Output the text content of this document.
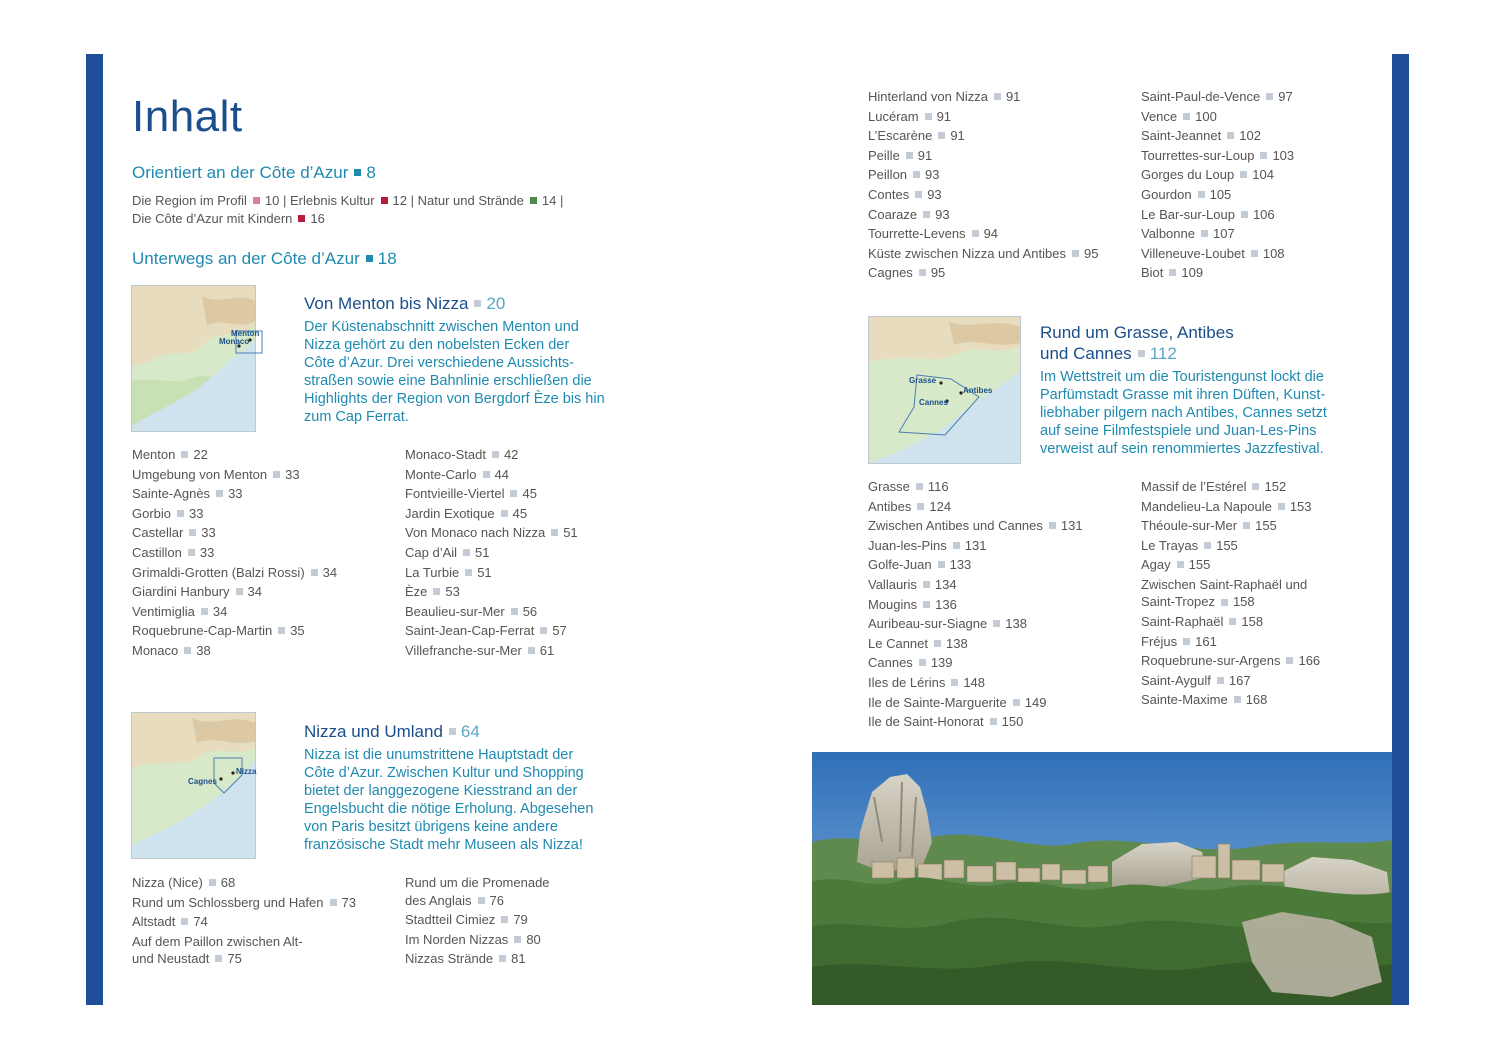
Inhalt
Orientiert an der Côte d’Azur 8
Die Region im Profil 10 | Erlebnis Kultur 12 | Natur und Strände 14 |
Die Côte d’Azur mit Kindern 16
Unterwegs an der Côte d’Azur 18
Menton
Monaco
Von Menton bis Nizza 20
Der Küstenabschnitt zwischen Menton und
Nizza gehört zu den nobelsten Ecken der
Côte d’Azur. Drei verschiedene Aussichts-
straßen sowie eine Bahnlinie erschließen die
Highlights der Region von Bergdorf Èze bis hin
zum Cap Ferrat.
Menton 22
Umgebung von Menton 33
Sainte-Agnès 33
Gorbio 33
Castellar 33
Castillon 33
Grimaldi-Grotten (Balzi Rossi) 34
Giardini Hanbury 34
Ventimiglia 34
Roquebrune-Cap-Martin 35
Monaco 38
Monaco-Stadt 42
Monte-Carlo 44
Fontvieille-Viertel 45
Jardin Exotique 45
Von Monaco nach Nizza 51
Cap d’Ail 51
La Turbie 51
Èze 53
Beaulieu-sur-Mer 56
Saint-Jean-Cap-Ferrat 57
Villefranche-sur-Mer 61
Nizza
Cagnes
Nizza und Umland 64
Nizza ist die unumstrittene Hauptstadt der
Côte d’Azur. Zwischen Kultur und Shopping
bietet der langgezogene Kiesstrand an der
Engelsbucht die nötige Erholung. Abgesehen
von Paris besitzt übrigens keine andere
französische Stadt mehr Museen als Nizza!
Nizza (Nice) 68
Rund um Schlossberg und Hafen 73
Altstadt 74
Auf dem Paillon zwischen Alt-
und Neustadt 75
Rund um die Promenade
des Anglais 76
Stadtteil Cimiez 79
Im Norden Nizzas 80
Nizzas Strände 81
Hinterland von Nizza 91
Lucéram 91
L’Escarène 91
Peille 91
Peillon 93
Contes 93
Coaraze 93
Tourrette-Levens 94
Küste zwischen Nizza und Antibes 95
Cagnes 95
Saint-Paul-de-Vence 97
Vence 100
Saint-Jeannet 102
Tourrettes-sur-Loup 103
Gorges du Loup 104
Gourdon 105
Le Bar-sur-Loup 106
Valbonne 107
Villeneuve-Loubet 108
Biot 109
Grasse
Antibes
Cannes
Rund um Grasse, Antibes
und Cannes 112
Im Wettstreit um die Touristengunst lockt die
Parfümstadt Grasse mit ihren Düften, Kunst-
liebhaber pilgern nach Antibes, Cannes setzt
auf seine Filmfestspiele und Juan-Les-Pins
verweist auf sein renommiertes Jazzfestival.
Grasse 116
Antibes 124
Zwischen Antibes und Cannes 131
Juan-les-Pins 131
Golfe-Juan 133
Vallauris 134
Mougins 136
Auribeau-sur-Siagne 138
Le Cannet 138
Cannes 139
Iles de Lérins 148
Ile de Sainte-Marguerite 149
Ile de Saint-Honorat 150
Massif de l’Estérel 152
Mandelieu-La Napoule 153
Théoule-sur-Mer 155
Le Trayas 155
Agay 155
Zwischen Saint-Raphaël und
Saint-Tropez 158
Saint-Raphaël 158
Fréjus 161
Roquebrune-sur-Argens 166
Saint-Aygulf 167
Sainte-Maxime 168
